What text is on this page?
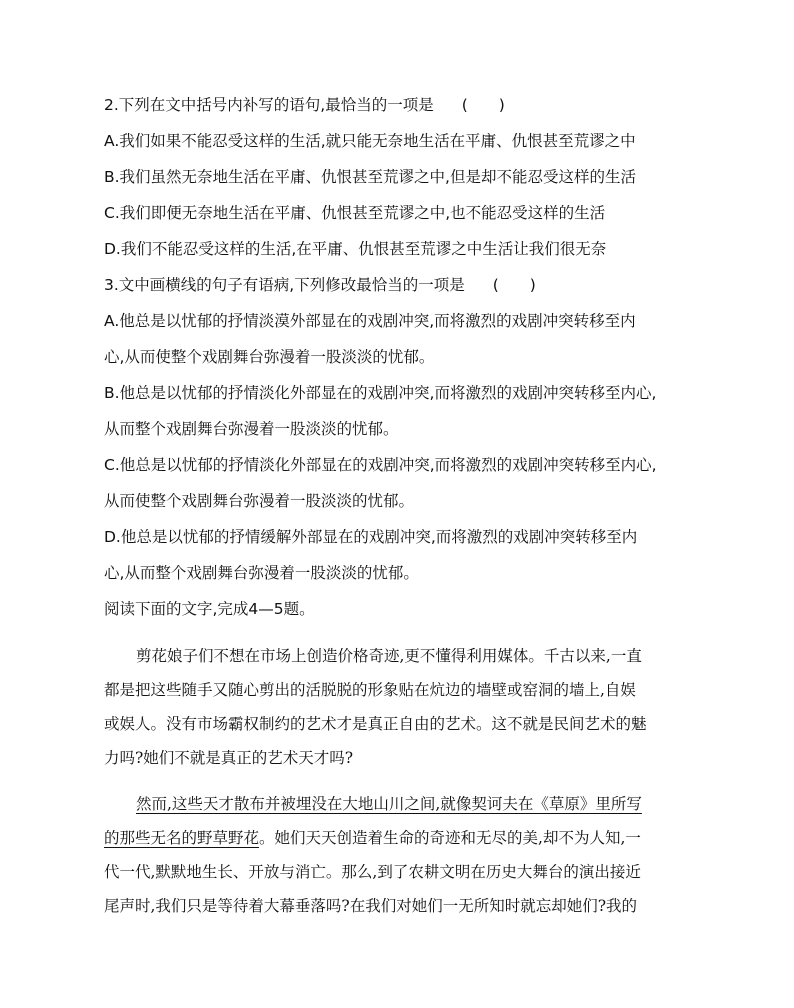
2.下列在文中括号内补写的语句,最恰当的一项是 (　　)
A.我们如果不能忍受这样的生活,就只能无奈地生活在平庸、仇恨甚至荒谬之中
B.我们虽然无奈地生活在平庸、仇恨甚至荒谬之中,但是却不能忍受这样的生活
C.我们即便无奈地生活在平庸、仇恨甚至荒谬之中,也不能忍受这样的生活
D.我们不能忍受这样的生活,在平庸、仇恨甚至荒谬之中生活让我们很无奈
3.文中画横线的句子有语病,下列修改最恰当的一项是 (　　)
A.他总是以忧郁的抒情淡漠外部显在的戏剧冲突,而将激烈的戏剧冲突转移至内
心,从而使整个戏剧舞台弥漫着一股淡淡的忧郁。
B.他总是以忧郁的抒情淡化外部显在的戏剧冲突,而将激烈的戏剧冲突转移至内心,
从而整个戏剧舞台弥漫着一股淡淡的忧郁。
C.他总是以忧郁的抒情淡化外部显在的戏剧冲突,而将激烈的戏剧冲突转移至内心,
从而使整个戏剧舞台弥漫着一股淡淡的忧郁。
D.他总是以忧郁的抒情缓解外部显在的戏剧冲突,而将激烈的戏剧冲突转移至内
心,从而整个戏剧舞台弥漫着一股淡淡的忧郁。
阅读下面的文字,完成4—5题。
剪花娘子们不想在市场上创造价格奇迹,更不懂得利用媒体。千古以来,一直
都是把这些随手又随心剪出的活脱脱的形象贴在炕边的墙壁或窑洞的墙上,自娱
或娱人。没有市场霸权制约的艺术才是真正自由的艺术。这不就是民间艺术的魅
力吗?她们不就是真正的艺术天才吗?
然而,这些天才散布并被埋没在大地山川之间,就像契诃夫在《草原》里所写
的那些无名的野草野花。她们天天创造着生命的奇迹和无尽的美,却不为人知,一
代一代,默默地生长、开放与消亡。那么,到了农耕文明在历史大舞台的演出接近
尾声时,我们只是等待着大幕垂落吗?在我们对她们一无所知时就忘却她们?我的
